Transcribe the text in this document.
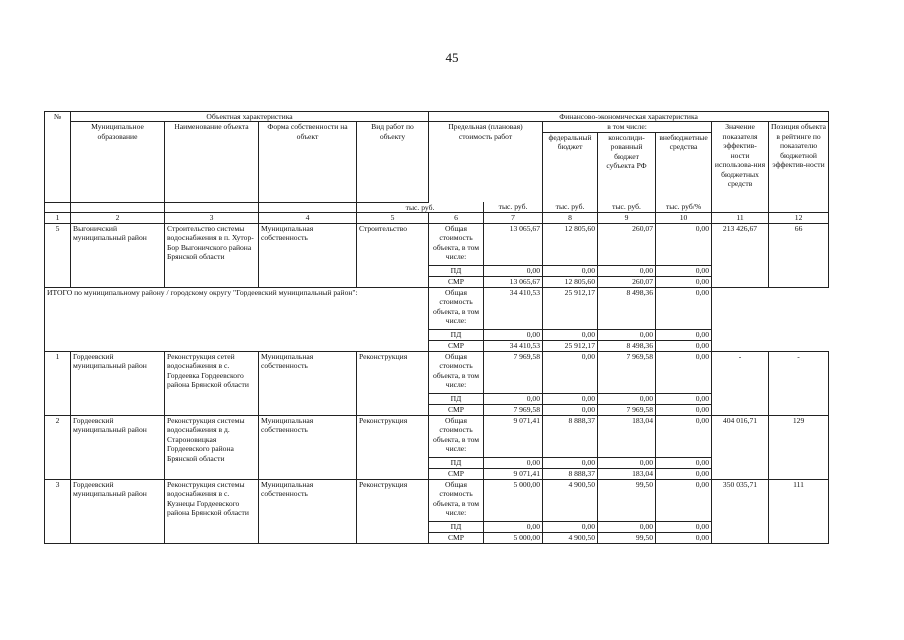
45
№	Объектная характеристика				Финансово-экономическая характеристика						
	Муниципальное образование	Наименование объекта	Форма собственности на объект	Вид работ по объекту	Предельная (плановая) стоимость работ		в том числе:			Значение показателя эффектив-ности использова-ния бюджетных средств	Позиция объекта в рейтинге по показателю бюджетной эффектив-ности
							федеральный бюджет	консолиди-рованный бюджет субъекта РФ	внебюджетные средства		
				тыс. руб.		тыс. руб.	тыс. руб.	тыс. руб.	тыс. руб/%		
1	2	3	4	5	6	7	8	9	10	11	12
5	Выгоничский муниципальный район	Строительство системы водоснабжения в п. Хутор-Бор Выгоничского района Брянской области	Муниципальная собственность	Строительство	Общая стоимость объекта, в том числе:	13 065,67	12 805,60	260,07	0,00	213 426,67	66
					ПД	0,00	0,00	0,00	0,00		
					СМР	13 065,67	12 805,60	260,07	0,00		
ИТОГО по муниципальному району / городскому округу "Гордеевский муниципальный район":					Общая стоимость объекта, в том числе:	34 410,53	25 912,17	8 498,36	0,00		
					ПД	0,00	0,00	0,00	0,00		
					СМР	34 410,53	25 912,17	8 498,36	0,00		
1	Гордеевский муниципальный район	Реконструкция сетей водоснабжения в с. Гордеевка Гордеевского района Брянской области	Муниципальная собственность	Реконструкция	Общая стоимость объекта, в том числе:	7 969,58	0,00	7 969,58	0,00	-	-
					ПД	0,00	0,00	0,00	0,00		
					СМР	7 969,58	0,00	7 969,58	0,00		
2	Гордеевский муниципальный район	Реконструкция системы водоснабжения в д. Староновицкая Гордеевского района Брянской области	Муниципальная собственность	Реконструкция	Общая стоимость объекта, в том числе:	9 071,41	8 888,37	183,04	0,00	404 016,71	129
					ПД	0,00	0,00	0,00	0,00		
					СМР	9 071,41	8 888,37	183,04	0,00		
3	Гордеевский муниципальный район	Реконструкция системы водоснабжения в с. Кузнецы Гордеевского района Брянской области	Муниципальная собственность	Реконструкция	Общая стоимость объекта, в том числе:	5 000,00	4 900,50	99,50	0,00	350 035,71	111
					ПД	0,00	0,00	0,00	0,00		
					СМР	5 000,00	4 900,50	99,50	0,00		
